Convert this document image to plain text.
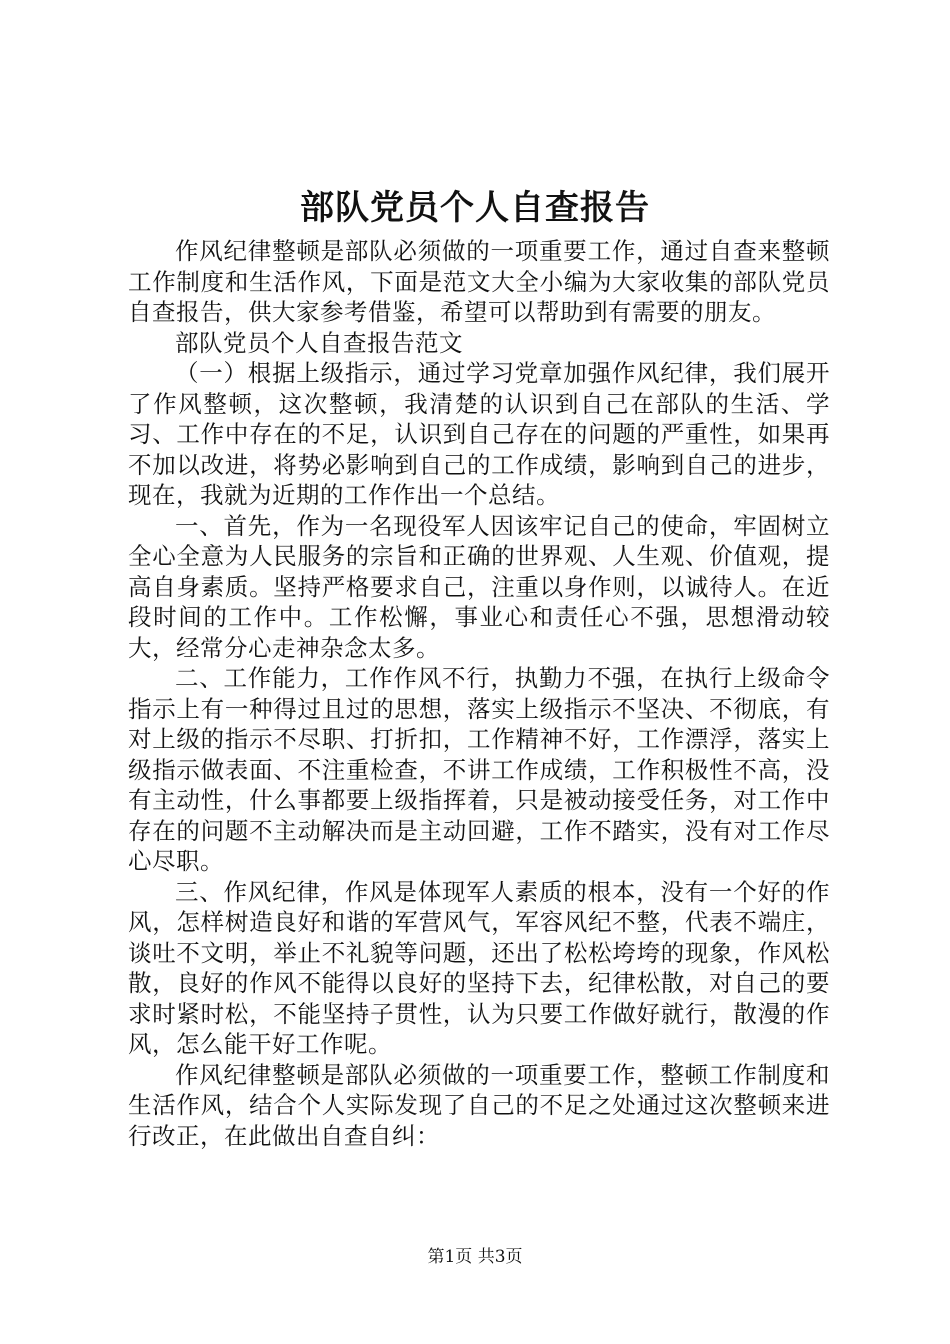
部队党员个人自查报告

作风纪律整顿是部队必须做的一项重要工作，通过自查来整顿工作制度和生活作风，下面是范文大全小编为大家收集的部队党员自查报告，供大家参考借鉴，希望可以帮助到有需要的朋友。

部队党员个人自查报告范文

（一）根据上级指示，通过学习党章加强作风纪律，我们展开了作风整顿，这次整顿，我清楚的认识到自己在部队的生活、学习、工作中存在的不足，认识到自己存在的问题的严重性，如果再不加以改进，将势必影响到自己的工作成绩，影响到自己的进步，现在，我就为近期的工作作出一个总结。

一、首先，作为一名现役军人因该牢记自己的使命，牢固树立全心全意为人民服务的宗旨和正确的世界观、人生观、价值观，提高自身素质。坚持严格要求自己，注重以身作则，以诚待人。在近段时间的工作中。工作松懈，事业心和责任心不强，思想滑动较大，经常分心走神杂念太多。

二、工作能力，工作作风不行，执勤力不强，在执行上级命令指示上有一种得过且过的思想，落实上级指示不坚决、不彻底，有对上级的指示不尽职、打折扣，工作精神不好，工作漂浮，落实上级指示做表面、不注重检查，不讲工作成绩，工作积极性不高，没有主动性，什么事都要上级指挥着，只是被动接受任务，对工作中存在的问题不主动解决而是主动回避，工作不踏实，没有对工作尽心尽职。

三、作风纪律，作风是体现军人素质的根本，没有一个好的作风，怎样树造良好和谐的军营风气，军容风纪不整，代表不端庄，谈吐不文明，举止不礼貌等问题，还出了松松垮垮的现象，作风松散，良好的作风不能得以良好的坚持下去，纪律松散，对自己的要求时紧时松，不能坚持子贯性，认为只要工作做好就行，散漫的作风，怎么能干好工作呢。

作风纪律整顿是部队必须做的一项重要工作，整顿工作制度和生活作风，结合个人实际发现了自己的不足之处通过这次整顿来进行改正，在此做出自查自纠：

第1页 共3页
